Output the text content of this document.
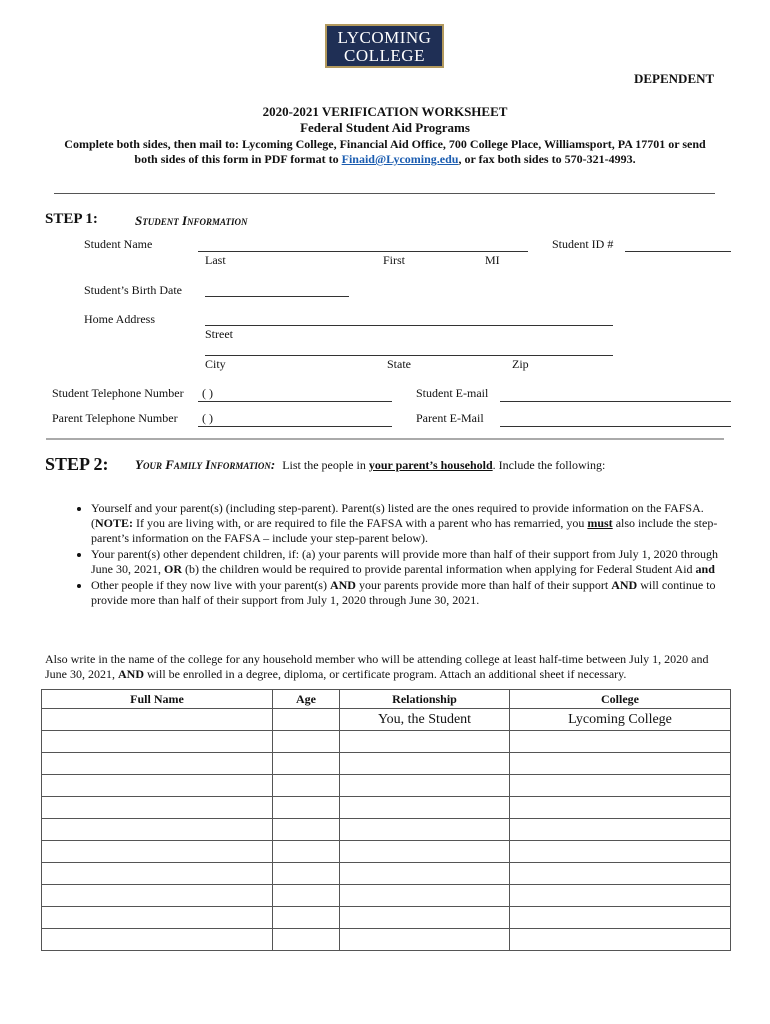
LYCOMING
COLLEGE
DEPENDENT
2020-2021 VERIFICATION WORKSHEET
Federal Student Aid Programs
Complete both sides, then mail to: Lycoming College, Financial Aid Office, 700 College Place, Williamsport, PA 17701 or send
both sides of this form in PDF format to Finaid@Lycoming.edu, or fax both sides to 570-321-4993.
STEP 1:	Student Information
Student Name
Last	First	MI
Student ID #
Student’s Birth Date
Home Address
Street
City	State	Zip
Student Telephone Number ( )	Student E-mail
Parent Telephone Number ( )	Parent E-Mail
STEP 2: Your Family Information: List the people in your parent’s household. Include the following:
• Yourself and your parent(s) (including step-parent). Parent(s) listed are the ones required to provide information on the FAFSA. (NOTE: If you are living with, or are required to file the FAFSA with a parent who has remarried, you must also include the step-parent’s information on the FAFSA – include your step-parent below).
• Your parent(s) other dependent children, if: (a) your parents will provide more than half of their support from July 1, 2020 through June 30, 2021, OR (b) the children would be required to provide parental information when applying for Federal Student Aid and
• Other people if they now live with your parent(s) AND your parents provide more than half of their support AND will continue to provide more than half of their support from July 1, 2020 through June 30, 2021.
Also write in the name of the college for any household member who will be attending college at least half-time between July 1, 2020 and June 30, 2021, AND will be enrolled in a degree, diploma, or certificate program. Attach an additional sheet if necessary.
Full Name	Age	Relationship	College
		You, the Student	Lycoming College
